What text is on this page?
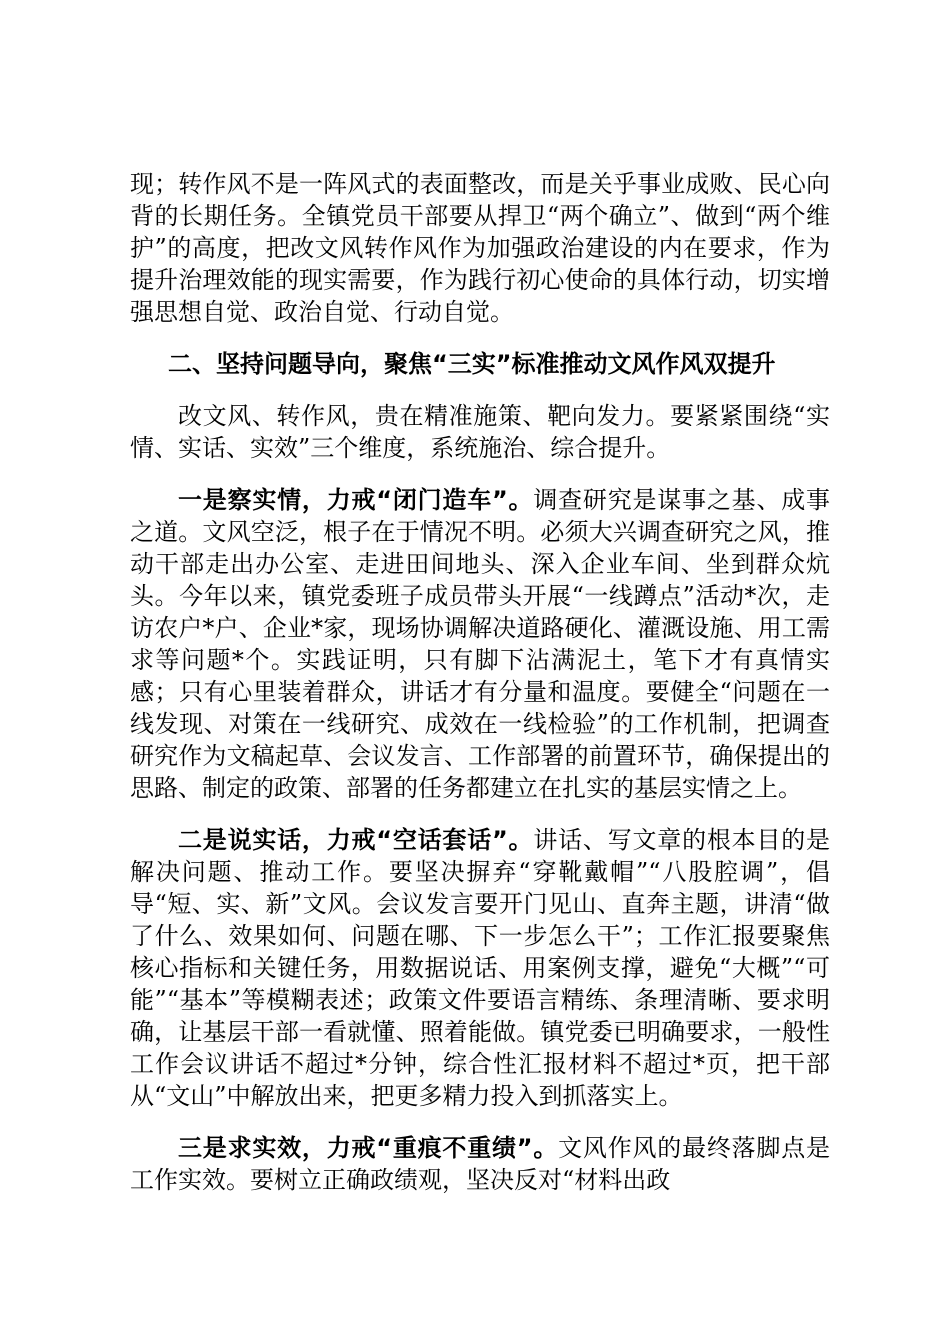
现；转作风不是一阵风式的表面整改，而是关乎事业成败、民心向背的长期任务。全镇党员干部要从捍卫“两个确立”、做到“两个维护”的高度，把改文风转作风作为加强政治建设的内在要求，作为提升治理效能的现实需要，作为践行初心使命的具体行动，切实增强思想自觉、政治自觉、行动自觉。

二、坚持问题导向，聚焦“三实”标准推动文风作风双提升

改文风、转作风，贵在精准施策、靶向发力。要紧紧围绕“实情、实话、实效”三个维度，系统施治、综合提升。

一是察实情，力戒“闭门造车”。调查研究是谋事之基、成事之道。文风空泛，根子在于情况不明。必须大兴调查研究之风，推动干部走出办公室、走进田间地头、深入企业车间、坐到群众炕头。今年以来，镇党委班子成员带头开展“一线蹲点”活动*次，走访农户*户、企业*家，现场协调解决道路硬化、灌溉设施、用工需求等问题*个。实践证明，只有脚下沾满泥土，笔下才有真情实感；只有心里装着群众，讲话才有分量和温度。要健全“问题在一线发现、对策在一线研究、成效在一线检验”的工作机制，把调查研究作为文稿起草、会议发言、工作部署的前置环节，确保提出的思路、制定的政策、部署的任务都建立在扎实的基层实情之上。

二是说实话，力戒“空话套话”。讲话、写文章的根本目的是解决问题、推动工作。要坚决摒弃“穿靴戴帽”“八股腔调”，倡导“短、实、新”文风。会议发言要开门见山、直奔主题，讲清“做了什么、效果如何、问题在哪、下一步怎么干”；工作汇报要聚焦核心指标和关键任务，用数据说话、用案例支撑，避免“大概”“可能”“基本”等模糊表述；政策文件要语言精练、条理清晰、要求明确，让基层干部一看就懂、照着能做。镇党委已明确要求，一般性工作会议讲话不超过*分钟，综合性汇报材料不超过*页，把干部从“文山”中解放出来，把更多精力投入到抓落实上。

三是求实效，力戒“重痕不重绩”。文风作风的最终落脚点是工作实效。要树立正确政绩观，坚决反对“材料出政
